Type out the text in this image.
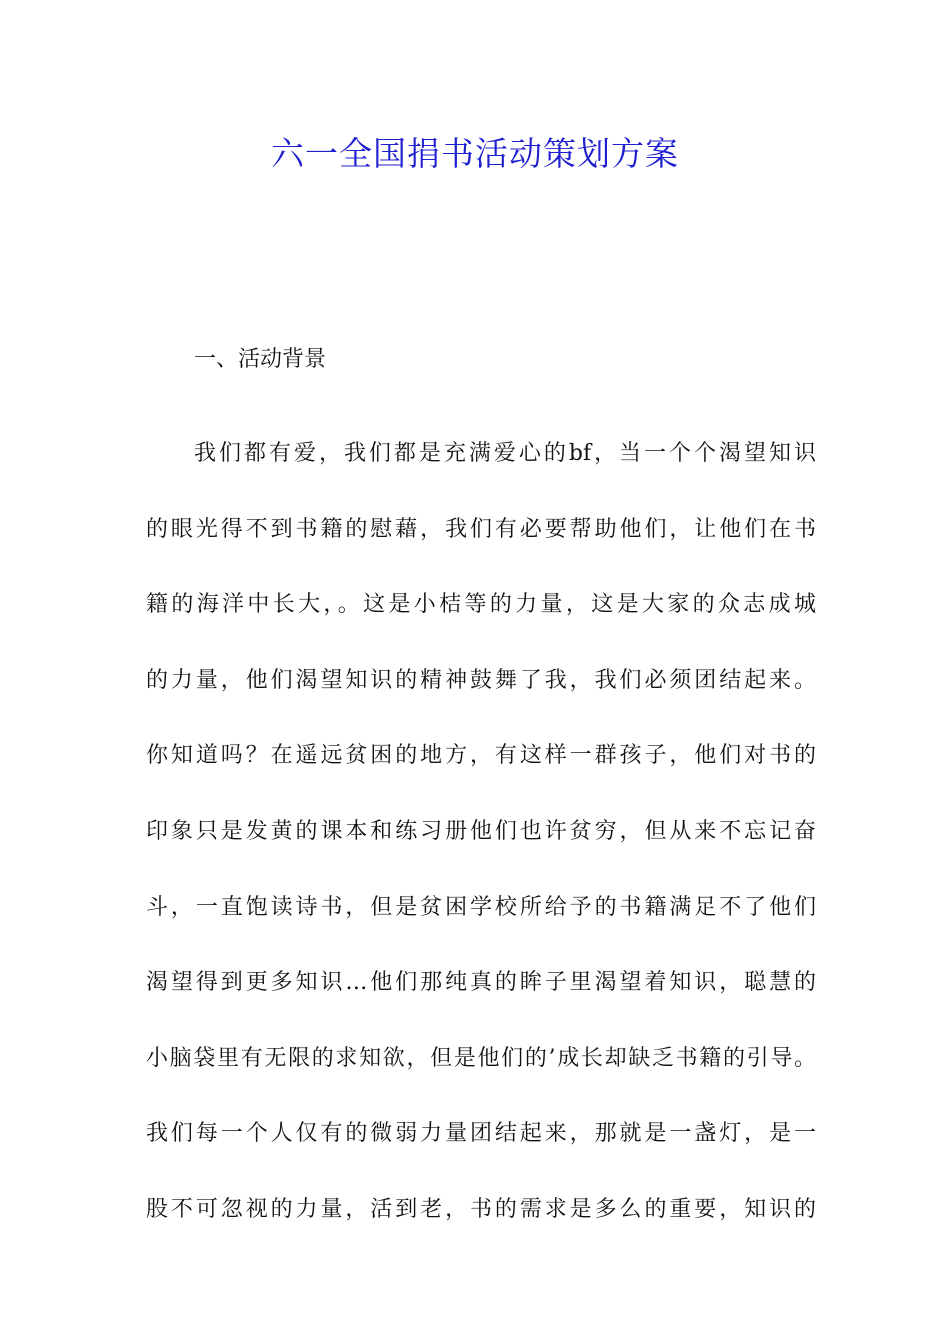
六一全国捐书活动策划方案
一、活动背景
我们都有爱，我们都是充满爱心的bf，当一个个渴望知识
的眼光得不到书籍的慰藉，我们有必要帮助他们，让他们在书
籍的海洋中长大，。这是小桔等的力量，这是大家的众志成城
的力量，他们渴望知识的精神鼓舞了我，我们必须团结起来。
你知道吗？在遥远贫困的地方，有这样一群孩子，他们对书的
印象只是发黄的课本和练习册他们也许贫穷，但从来不忘记奋
斗，一直饱读诗书，但是贫困学校所给予的书籍满足不了他们
渴望得到更多知识…他们那纯真的眸子里渴望着知识，聪慧的
小脑袋里有无限的求知欲，但是他们的’成长却缺乏书籍的引导。
我们每一个人仅有的微弱力量团结起来，那就是一盏灯，是一
股不可忽视的力量，活到老，书的需求是多么的重要，知识的
